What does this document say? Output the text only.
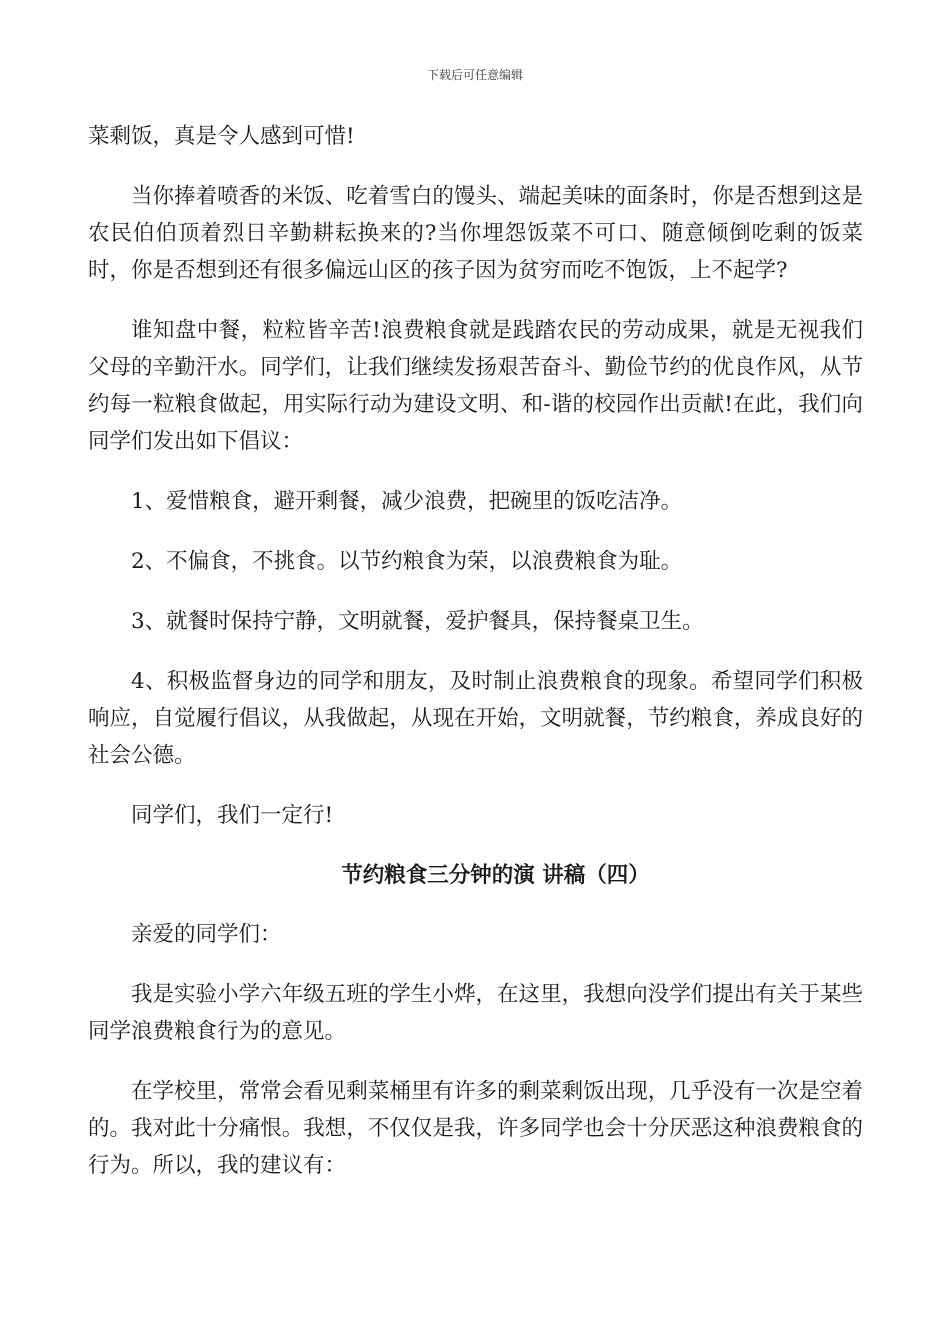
下载后可任意编辑

菜剩饭，真是令人感到可惜!

当你捧着喷香的米饭、吃着雪白的馒头、端起美味的面条时，你是否想到这是农民伯伯顶着烈日辛勤耕耘换来的?当你埋怨饭菜不可口、随意倾倒吃剩的饭菜时，你是否想到还有很多偏远山区的孩子因为贫穷而吃不饱饭，上不起学?

谁知盘中餐，粒粒皆辛苦!浪费粮食就是践踏农民的劳动成果，就是无视我们父母的辛勤汗水。同学们，让我们继续发扬艰苦奋斗、勤俭节约的优良作风，从节约每一粒粮食做起，用实际行动为建设文明、和-谐的校园作出贡献!在此，我们向同学们发出如下倡议：

1、爱惜粮食，避开剩餐，减少浪费，把碗里的饭吃洁净。

2、不偏食，不挑食。以节约粮食为荣，以浪费粮食为耻。

3、就餐时保持宁静，文明就餐，爱护餐具，保持餐桌卫生。

4、积极监督身边的同学和朋友，及时制止浪费粮食的现象。希望同学们积极响应，自觉履行倡议，从我做起，从现在开始，文明就餐，节约粮食，养成良好的社会公德。

同学们，我们一定行!

节约粮食三分钟的演 讲稿（四）

亲爱的同学们：

我是实验小学六年级五班的学生小烨，在这里，我想向没学们提出有关于某些同学浪费粮食行为的意见。

在学校里，常常会看见剩菜桶里有许多的剩菜剩饭出现，几乎没有一次是空着的。我对此十分痛恨。我想，不仅仅是我，许多同学也会十分厌恶这种浪费粮食的行为。所以，我的建议有：
